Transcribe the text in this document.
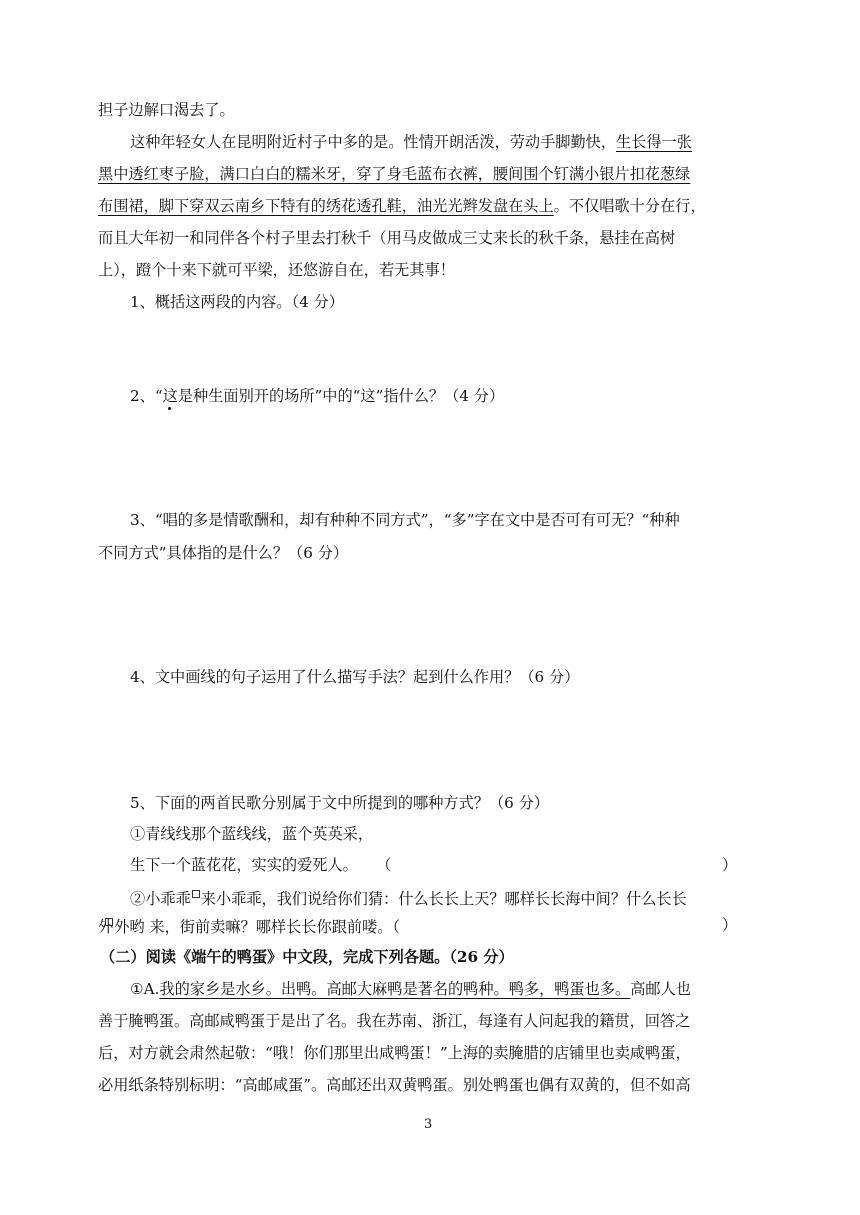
担子边解口渴去了。
这种年轻女人在昆明附近村子中多的是。性情开朗活泼，劳动手脚勤快，生长得一张
黑中透红枣子脸，满口白白的糯米牙，穿了身毛蓝布衣裤，腰间围个钉满小银片扣花葱绿
布围裙，脚下穿双云南乡下特有的绣花透孔鞋，油光光辫发盘在头上。不仅唱歌十分在行，
而且大年初一和同伴各个村子里去打秋千（用马皮做成三丈来长的秋千条，悬挂在高树
上），蹬个十来下就可平梁，还悠游自在，若无其事！
1、概括这两段的内容。（4 分）
2、“这
是种生面别开的场所”中的“这”指什么？（4 分）
3、“唱的多是情歌酬和，却有种种不同方式”，“多”字在文中是否可有可无？“种种
不同方式”具体指的是什么？（6 分）
4、文中画线的句子运用了什么描写手法？起到什么作用？（6 分）
5、下面的两首民歌分别属于文中所提到的哪种方式？（6 分）
①青线线那个蓝线线，蓝个英英采，
生下一个蓝花花，实实的爱死人。 （	）
②小乖乖 来小乖乖，我们说给你们猜：什么长长上天？哪样长长海中间？什么长长
外外哟 来，街前卖嘛？哪样长长你跟前喽。（	）
（二）阅读《端午的鸭蛋》中文段，完成下列各题。（26 分）
①A.我的家乡是水乡。出鸭。高邮大麻鸭是著名的鸭种。鸭多，鸭蛋也多。高邮人也
善于腌鸭蛋。高邮咸鸭蛋于是出了名。我在苏南、浙江，每逢有人问起我的籍贯，回答之
后，对方就会肃然起敬：“哦！你们那里出咸鸭蛋！”上海的卖腌腊的店铺里也卖咸鸭蛋，
必用纸条特别标明：“高邮咸蛋”。高邮还出双黄鸭蛋。别处鸭蛋也偶有双黄的，但不如高
3
